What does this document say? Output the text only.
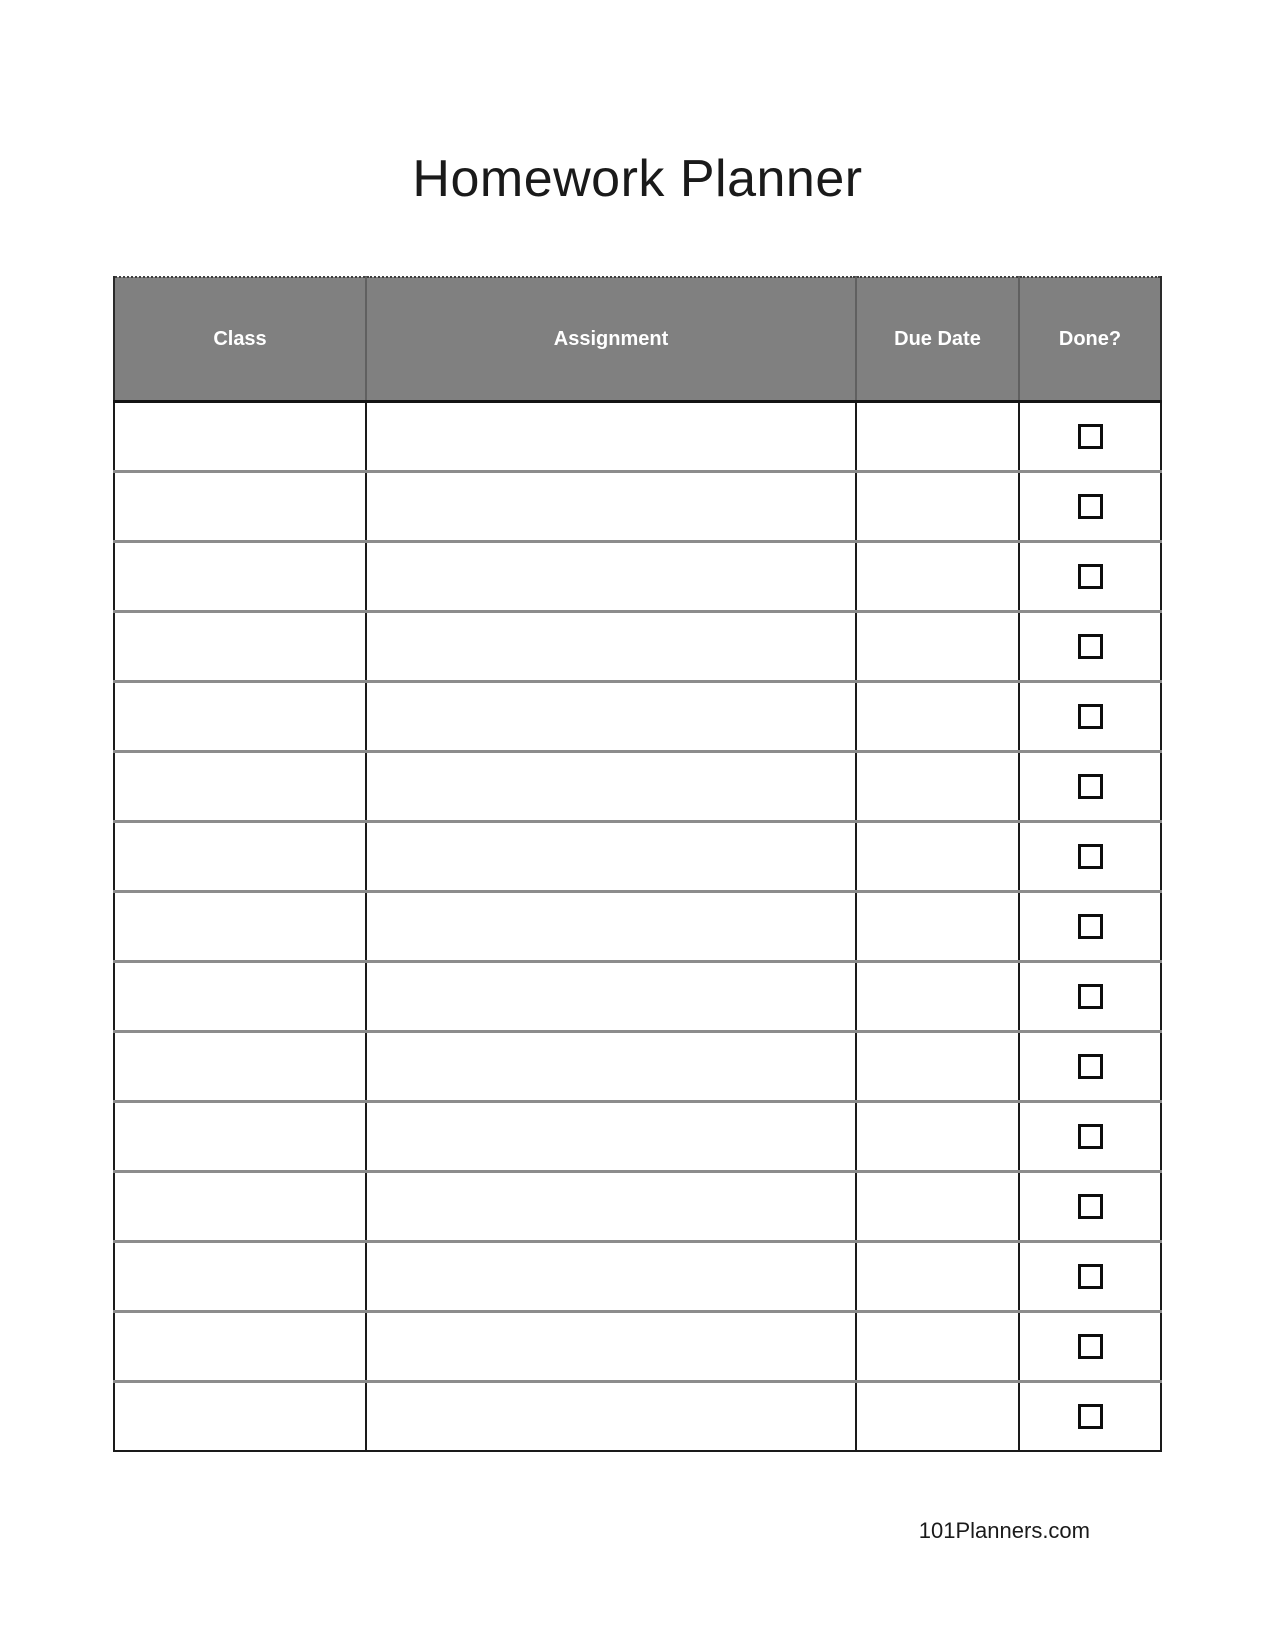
Homework Planner
Class	Assignment	Due Date	Done?

101Planners.com
